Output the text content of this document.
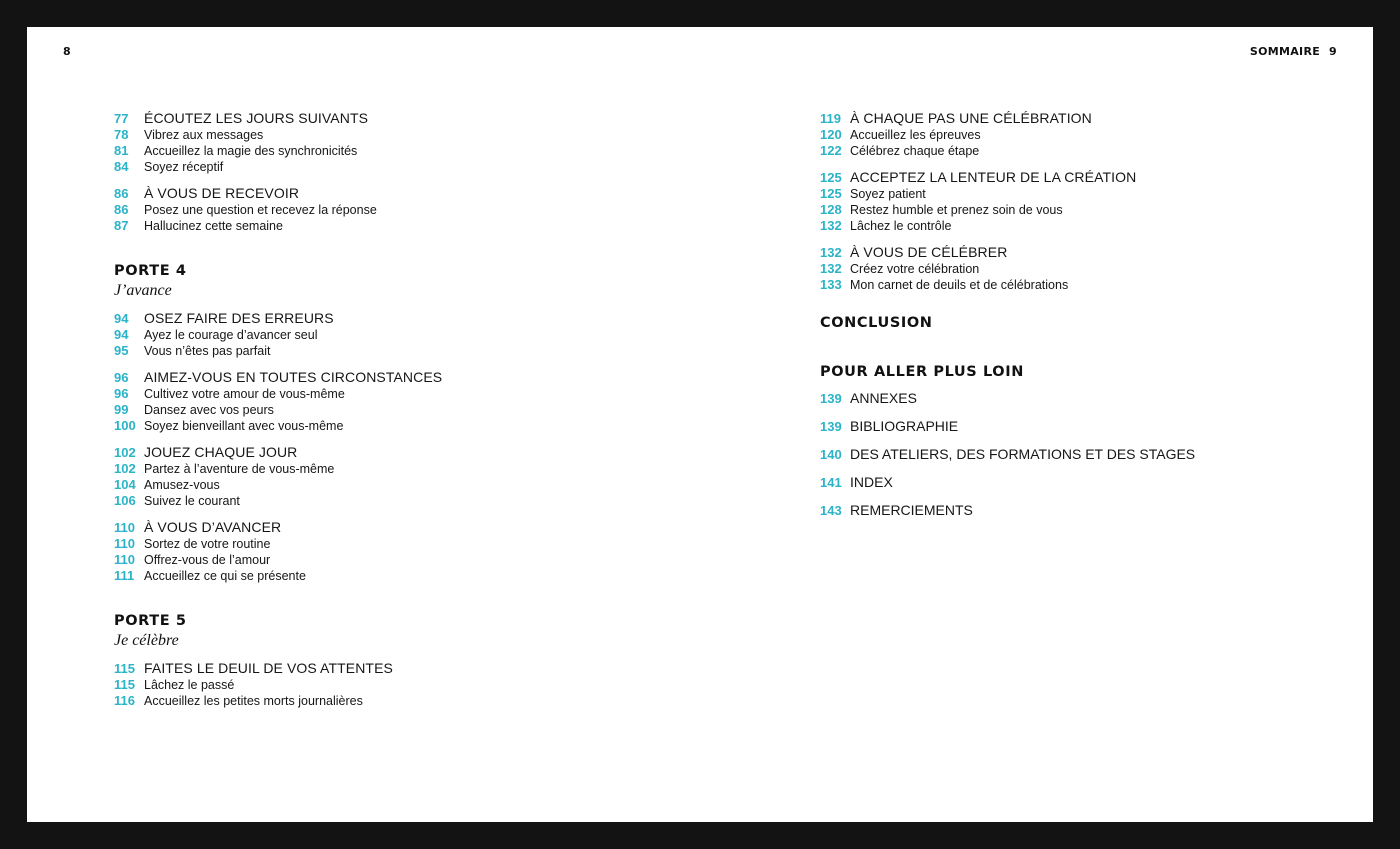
8	SOMMAIRE 9
77	ÉCOUTEZ LES JOURS SUIVANTS
78	Vibrez aux messages
81	Accueillez la magie des synchronicités
84	Soyez réceptif
86	À VOUS DE RECEVOIR
86	Posez une question et recevez la réponse
87	Hallucinez cette semaine
PORTE 4
J’avance
94	OSEZ FAIRE DES ERREURS
94	Ayez le courage d’avancer seul
95	Vous n’êtes pas parfait
96	AIMEZ-VOUS EN TOUTES CIRCONSTANCES
96	Cultivez votre amour de vous-même
99	Dansez avec vos peurs
100 Soyez bienveillant avec vous-même
102 JOUEZ CHAQUE JOUR
102 Partez à l’aventure de vous-même
104 Amusez-vous
106 Suivez le courant
110 À VOUS D’AVANCER
110 Sortez de votre routine
110 Offrez-vous de l’amour
111 Accueillez ce qui se présente
PORTE 5
Je célèbre
115 FAITES LE DEUIL DE VOS ATTENTES
115 Lâchez le passé
116 Accueillez les petites morts journalières
119 À CHAQUE PAS UNE CÉLÉBRATION
120 Accueillez les épreuves
122 Célébrez chaque étape
125 ACCEPTEZ LA LENTEUR DE LA CRÉATION
125 Soyez patient
128 Restez humble et prenez soin de vous
132 Lâchez le contrôle
132 À VOUS DE CÉLÉBRER
132 Créez votre célébration
133 Mon carnet de deuils et de célébrations
CONCLUSION
POUR ALLER PLUS LOIN
139 ANNEXES
139 BIBLIOGRAPHIE
140 DES ATELIERS, DES FORMATIONS ET DES STAGES
141 INDEX
143 REMERCIEMENTS
